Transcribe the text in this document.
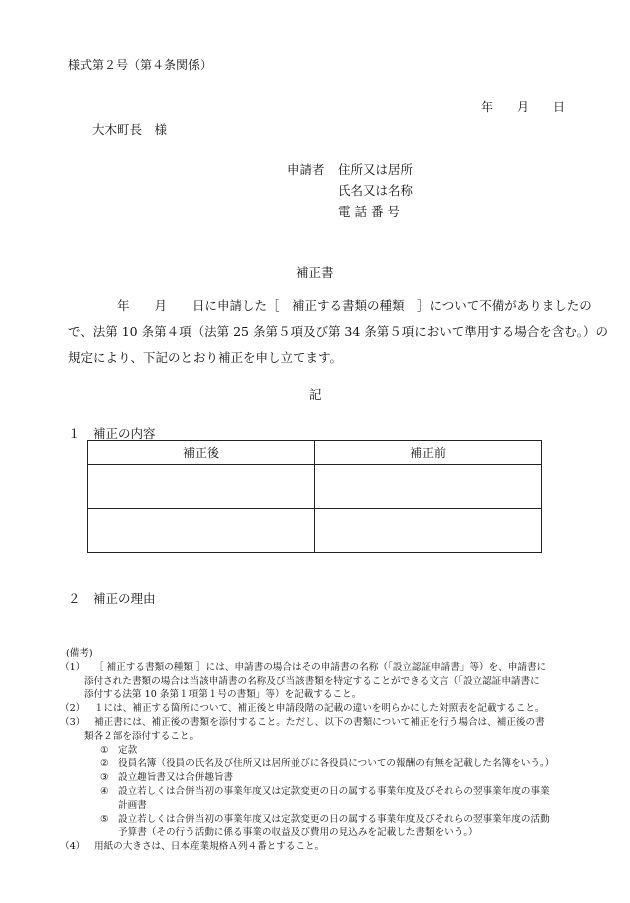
様式第２号（第４条関係）
年　　月　　日
大木町長　様
申請者 住所又は居所
氏名又は名称
電 話 番 号
補正書
　　年　　月　　日に申請した［　補正する書類の種類　］について不備がありましたの
で、法第 10 条第４項（法第 25 条第５項及び第 34 条第５項において準用する場合を含む。）の
規定により、下記のとおり補正を申し立てます。
記
１　補正の内容
補正後	補正前

２　補正の理由
(備考)
（1） ［ 補正する書類の種類 ］には、申請書の場合はその申請書の名称（「設立認証申請書」等）を、申請書に
添付された書類の場合は当該申請書の名称及び当該書類を特定することができる文言（「設立認証申請書に
添付する法第 10 条第１項第１号の書類」等）を記載すること。
（2） １には、補正する箇所について、補正後と申請段階の記載の違いを明らかにした対照表を記載すること。
（3） 補正書には、補正後の書類を添付すること。ただし、以下の書類について補正を行う場合は、補正後の書
類各２部を添付すること。
① 定款
② 役員名簿（役員の氏名及び住所又は居所並びに各役員についての報酬の有無を記載した名簿をいう。）
③ 設立趣旨書又は合併趣旨書
④ 設立若しくは合併当初の事業年度又は定款変更の日の属する事業年度及びそれらの翌事業年度の事業
計画書
⑤ 設立若しくは合併当初の事業年度又は定款変更の日の属する事業年度及びそれらの翌事業年度の活動
予算書（その行う活動に係る事業の収益及び費用の見込みを記載した書類をいう。）
（4） 用紙の大きさは、日本産業規格Ａ列４番とすること。
